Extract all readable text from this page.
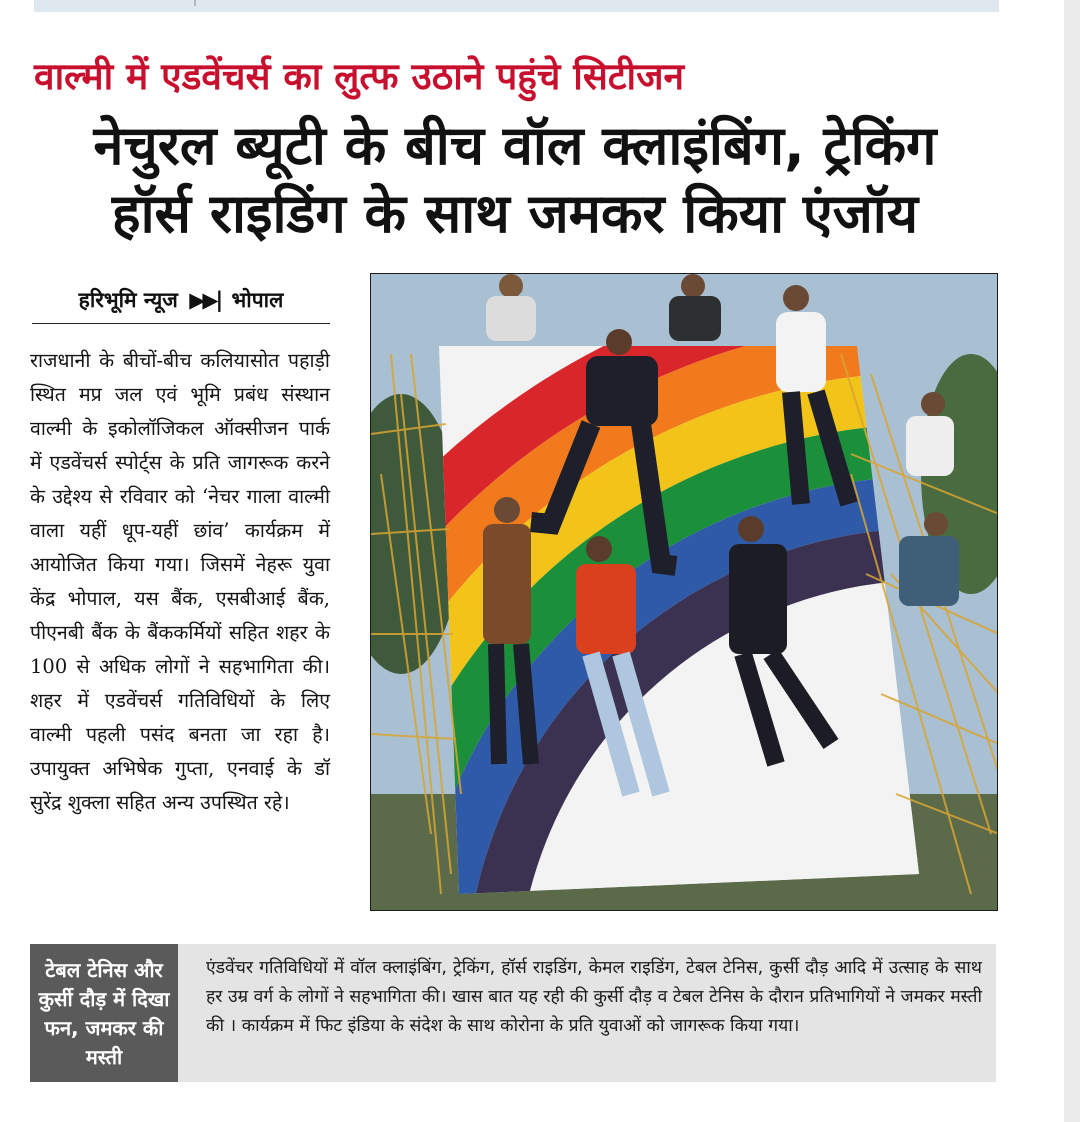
वाल्मी में एडवेंचर्स का लुत्फ उठाने पहुंचे सिटीजन
नेचुरल ब्यूटी के बीच वॉल क्लाइंबिंग, ट्रेकिंग
हॉर्स राइडिंग के साथ जमकर किया एंजॉय
हरिभूमि न्यूज ▶▶| भोपाल
राजधानी के बीचों-बीच कलियासोत पहाड़ी स्थित मप्र जल एवं भूमि प्रबंध संस्थान वाल्मी के इकोलॉजिकल ऑक्सीजन पार्क में एडवेंचर्स स्पोर्ट्स के प्रति जागरूक करने के उद्देश्य से रविवार को ‘नेचर गाला वाल्मी वाला यहीं धूप-यहीं छांव’ कार्यक्रम में आयोजित किया गया। जिसमें नेहरू युवा केंद्र भोपाल, यस बैंक, एसबीआई बैंक, पीएनबी बैंक के बैंककर्मियों सहित शहर के 100 से अधिक लोगों ने सहभागिता की। शहर में एडवेंचर्स गतिविधियों के लिए वाल्मी पहली पसंद बनता जा रहा है। उपायुक्त अभिषेक गुप्ता, एनवाई के डॉ सुरेंद्र शुक्ला सहित अन्य उपस्थित रहे।
टेबल टेनिस और कुर्सी दौड़ में दिखा फन, जमकर की मस्ती
एंडवेंचर गतिविधियों में वॉल क्लाइंबिंग, ट्रेकिंग, हॉर्स राइडिंग, केमल राइडिंग, टेबल टेनिस, कुर्सी दौड़ आदि में उत्साह के साथ हर उम्र वर्ग के लोगों ने सहभागिता की। खास बात यह रही की कुर्सी दौड़ व टेबल टेनिस के दौरान प्रतिभागियों ने जमकर मस्ती की । कार्यक्रम में फिट इंडिया के संदेश के साथ कोरोना के प्रति युवाओं को जागरूक किया गया।
